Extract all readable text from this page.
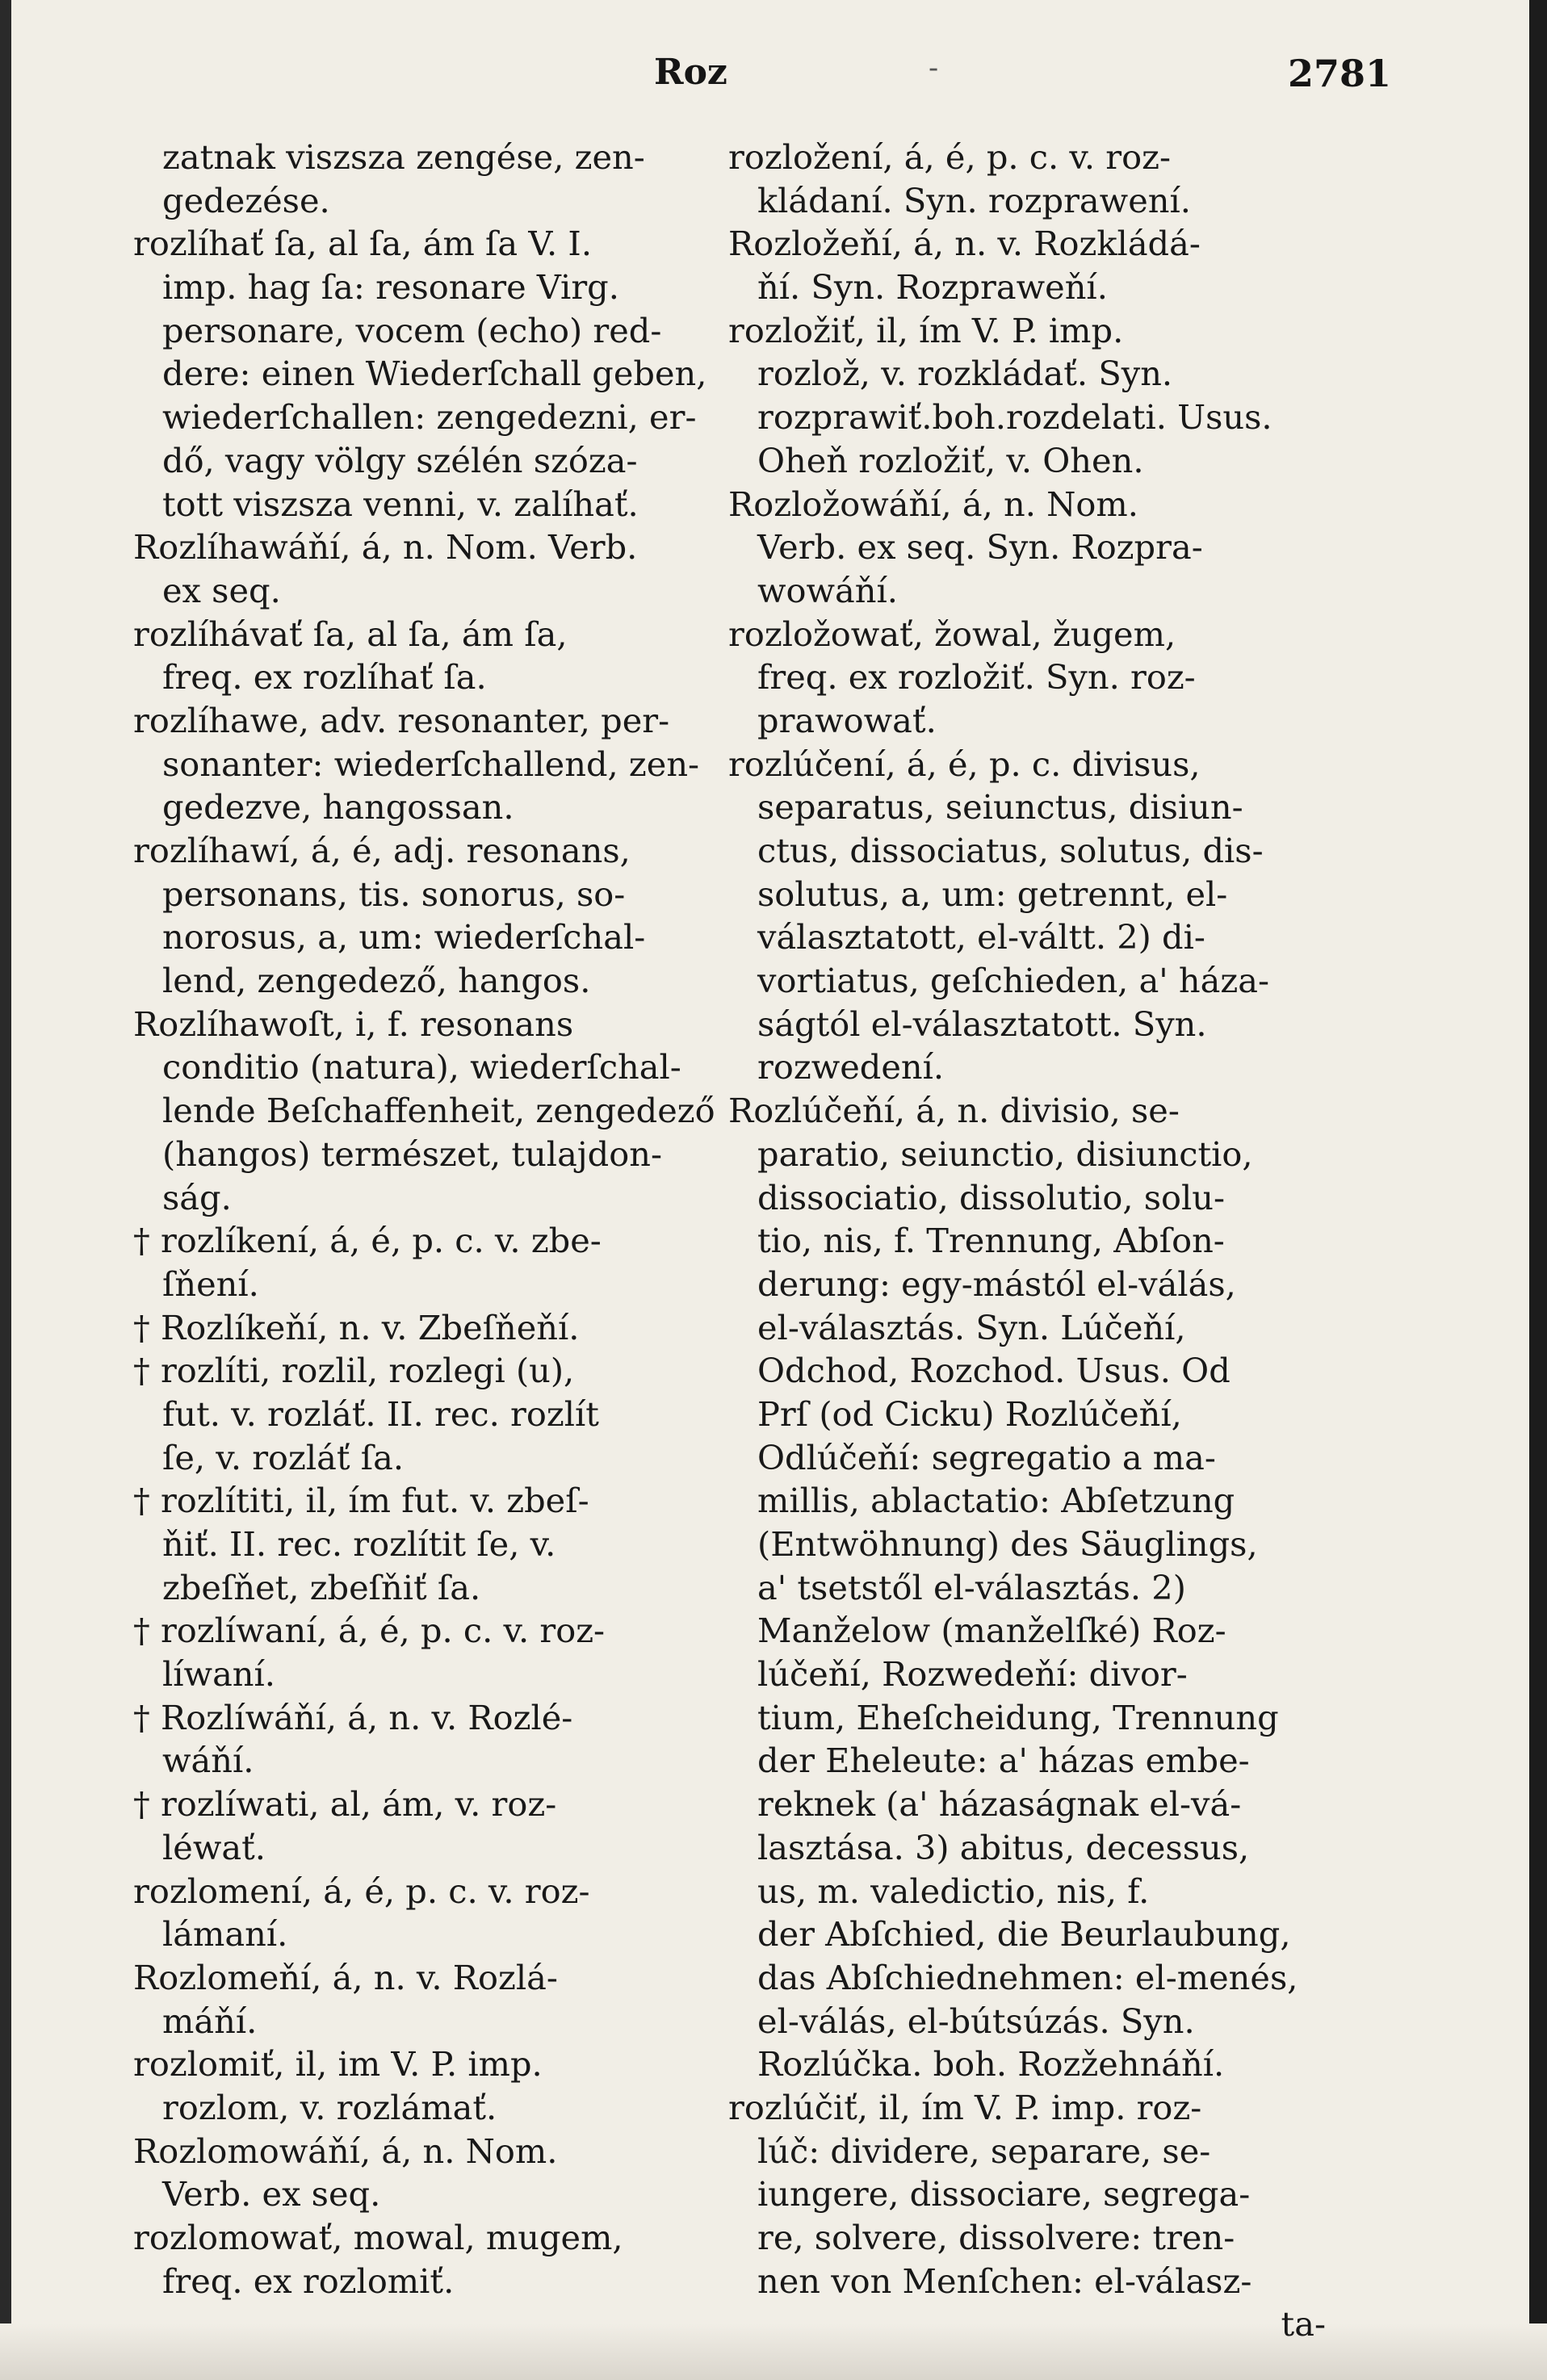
Roz	-	2781
zatnak viszsza zengése, zen-
gedezése.
rozlíhať ſa, al ſa, ám ſa V. I.
imp. hag ſa: resonare Virg.
personare, vocem (echo) red-
dere: einen Wiederſchall geben,
wiederſchallen: zengedezni, er-
dő, vagy völgy szélén szóza-
tott viszsza venni, v. zalíhať.
Rozlíhawáňí, á, n. Nom. Verb.
ex seq.
rozlíhávať ſa, al ſa, ám ſa,
freq. ex rozlíhať ſa.
rozlíhawe, adv. resonanter, per-
sonanter: wiederſchallend, zen-
gedezve, hangossan.
rozlíhawí, á, é, adj. resonans,
personans, tis. sonorus, so-
norosus, a, um: wiederſchal-
lend, zengedező, hangos.
Rozlíhawoſt, i, f. resonans
conditio (natura), wiederſchal-
lende Beſchaffenheit, zengedező
(hangos) természet, tulajdon-
ság.
† rozlíkení, á, é, p. c. v. zbe-
ſňení.
† Rozlíkeňí, n. v. Zbeſňeňí.
† rozlíti, rozlil, rozlegi (u),
fut. v. rozláť. II. rec. rozlít
ſe, v. rozláť ſa.
† rozlítiti, il, ím fut. v. zbeſ-
ňiť. II. rec. rozlítit ſe, v.
zbeſňet, zbeſňiť ſa.
† rozlíwaní, á, é, p. c. v. roz-
líwaní.
† Rozlíwáňí, á, n. v. Rozlé-
wáňí.
† rozlíwati, al, ám, v. roz-
léwať.
rozlomení, á, é, p. c. v. roz-
lámaní.
Rozlomeňí, á, n. v. Rozlá-
máňí.
rozlomiť, il, im V. P. imp.
rozlom, v. rozlámať.
Rozlomowáňí, á, n. Nom.
Verb. ex seq.
rozlomowať, mowal, mugem,
freq. ex rozlomiť.
rozložení, á, é, p. c. v. roz-
kládaní. Syn. rozprawení.
Rozložeňí, á, n. v. Rozkládá-
ňí. Syn. Rozpraweňí.
rozložiť, il, ím V. P. imp.
rozlož, v. rozkládať. Syn.
rozprawiť.boh.rozdelati. Usus.
Oheň rozložiť, v. Ohen.
Rozložowáňí, á, n. Nom.
Verb. ex seq. Syn. Rozpra-
wowáňí.
rozložowať, žowal, žugem,
freq. ex rozložiť. Syn. roz-
prawowať.
rozlúčení, á, é, p. c. divisus,
separatus, seiunctus, disiun-
ctus, dissociatus, solutus, dis-
solutus, a, um: getrennt, el-
választatott, el-váltt. 2) di-
vortiatus, geſchieden, a' háza-
ságtól el-választatott. Syn.
rozwedení.
Rozlúčeňí, á, n. divisio, se-
paratio, seiunctio, disiunctio,
dissociatio, dissolutio, solu-
tio, nis, f. Trennung, Abſon-
derung: egy-mástól el-válás,
el-választás. Syn. Lúčeňí,
Odchod, Rozchod. Usus. Od
Prſ (od Cicku) Rozlúčeňí,
Odlúčeňí: segregatio a ma-
millis, ablactatio: Abſetzung
(Entwöhnung) des Säuglings,
a' tsetstől el-választás. 2)
Manželow (manželſké) Roz-
lúčeňí, Rozwedeňí: divor-
tium, Eheſcheidung, Trennung
der Eheleute: a' házas embe-
reknek (a' házaságnak el-vá-
lasztása. 3) abitus, decessus,
us, m. valedictio, nis, f.
der Abſchied, die Beurlaubung,
das Abſchiednehmen: el-menés,
el-válás, el-bútsúzás. Syn.
Rozlúčka. boh. Rozžehnáňí.
rozlúčiť, il, ím V. P. imp. roz-
lúč: dividere, separare, se-
iungere, dissociare, segrega-
re, solvere, dissolvere: tren-
nen von Menſchen: el-válasz-
ta-
